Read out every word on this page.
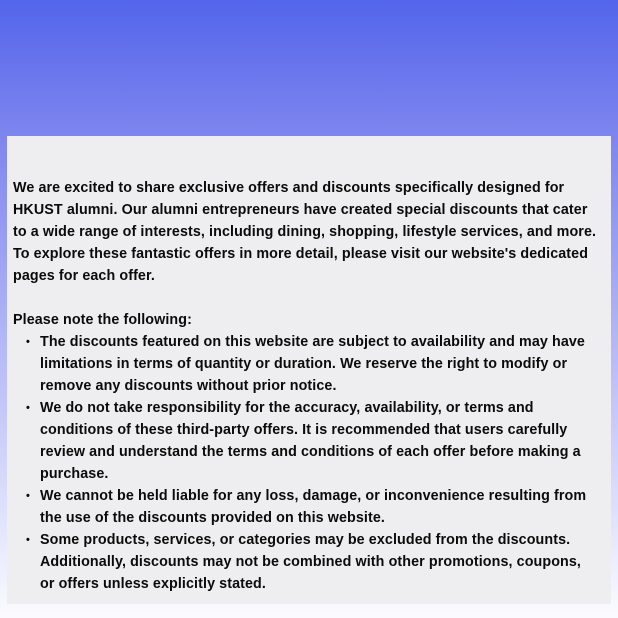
We are excited to share exclusive offers and discounts specifically designed for HKUST alumni. Our alumni entrepreneurs have created special discounts that cater to a wide range of interests, including dining, shopping, lifestyle services, and more. To explore these fantastic offers in more detail, please visit our website's dedicated pages for each offer.

Please note the following:

• The discounts featured on this website are subject to availability and may have limitations in terms of quantity or duration. We reserve the right to modify or remove any discounts without prior notice.
• We do not take responsibility for the accuracy, availability, or terms and conditions of these third-party offers. It is recommended that users carefully review and understand the terms and conditions of each offer before making a purchase.
• We cannot be held liable for any loss, damage, or inconvenience resulting from the use of the discounts provided on this website.
• Some products, services, or categories may be excluded from the discounts. Additionally, discounts may not be combined with other promotions, coupons, or offers unless explicitly stated.
